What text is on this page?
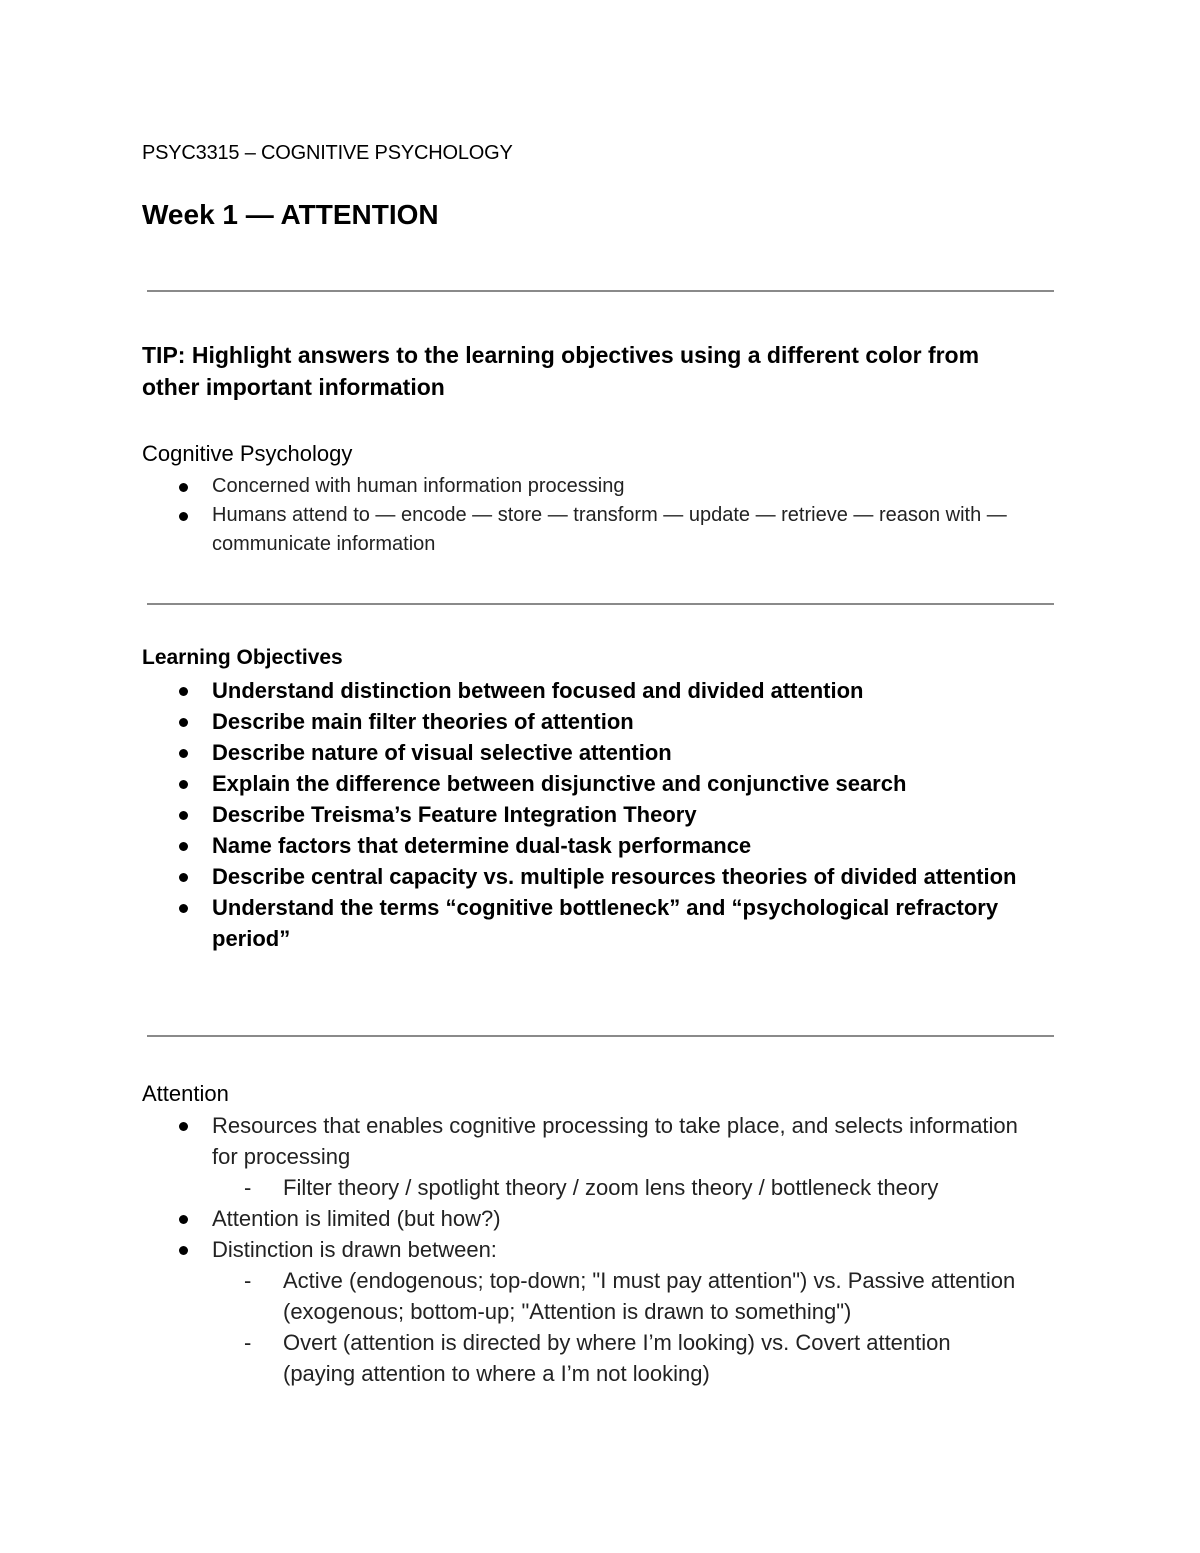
PSYC3315 – COGNITIVE PSYCHOLOGY
Week 1 — ATTENTION
TIP: Highlight answers to the learning objectives using a different color from other important information
Cognitive Psychology
Concerned with human information processing
Humans attend to — encode — store — transform — update — retrieve — reason with — communicate information
Learning Objectives
Understand distinction between focused and divided attention
Describe main filter theories of attention
Describe nature of visual selective attention
Explain the difference between disjunctive and conjunctive search
Describe Treisma’s Feature Integration Theory
Name factors that determine dual-task performance
Describe central capacity vs. multiple resources theories of divided attention
Understand the terms “cognitive bottleneck” and “psychological refractory period”
Attention
Resources that enables cognitive processing to take place, and selects information for processing
- Filter theory / spotlight theory / zoom lens theory / bottleneck theory
Attention is limited (but how?)
Distinction is drawn between:
- Active (endogenous; top-down; "I must pay attention") vs. Passive attention (exogenous; bottom-up; "Attention is drawn to something")
- Overt (attention is directed by where I’m looking) vs. Covert attention (paying attention to where a I’m not looking)
